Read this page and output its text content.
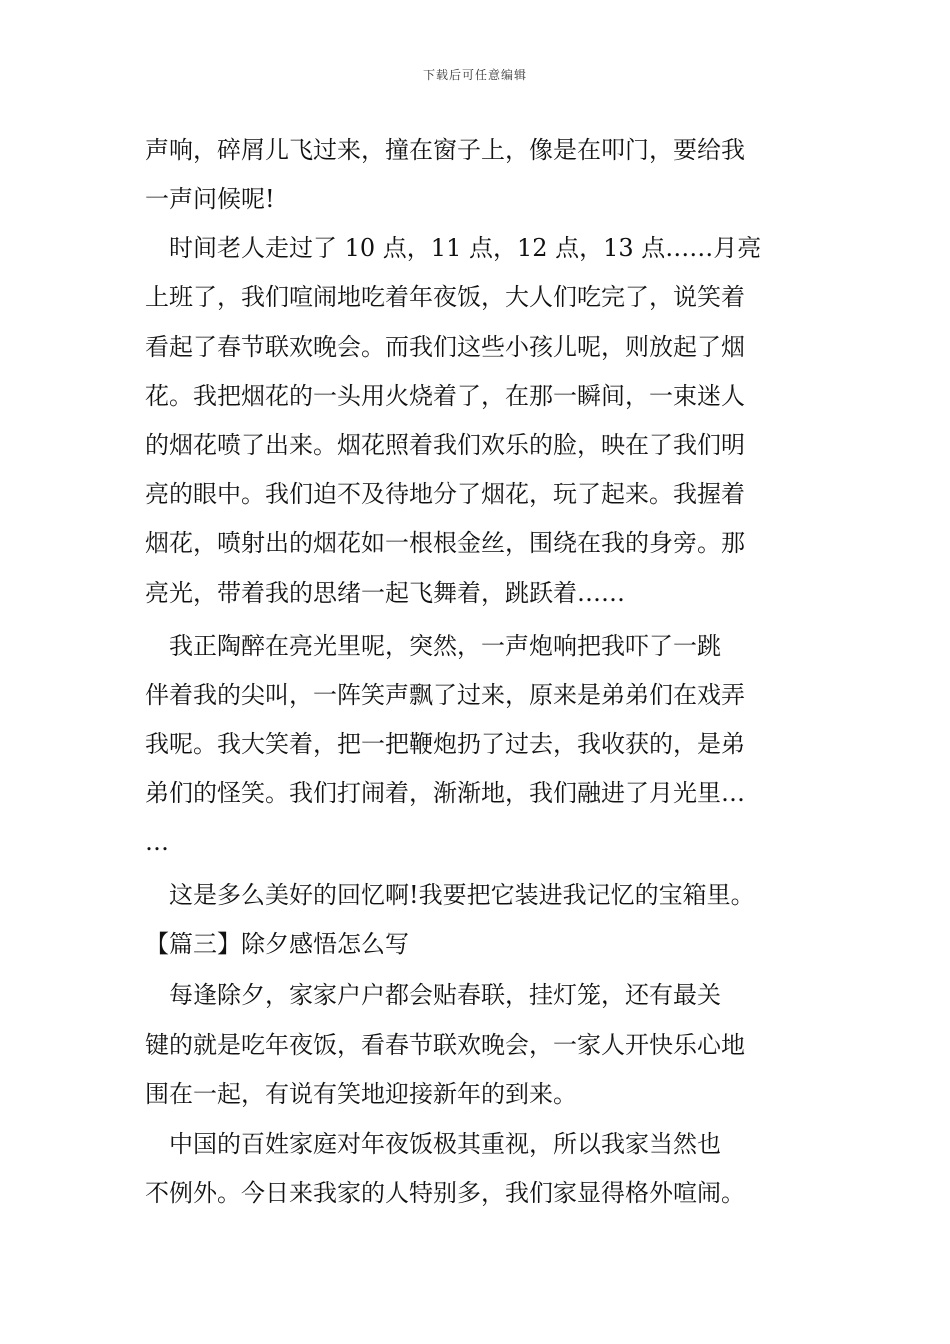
下载后可任意编辑
声响，碎屑儿飞过来，撞在窗子上，像是在叩门，要给我
一声问候呢!
　时间老人走过了 10 点，11 点，12 点，13 点……月亮
上班了，我们喧闹地吃着年夜饭，大人们吃完了，说笑着
看起了春节联欢晚会。而我们这些小孩儿呢，则放起了烟
花。我把烟花的一头用火烧着了，在那一瞬间，一束迷人
的烟花喷了出来。烟花照着我们欢乐的脸，映在了我们明
亮的眼中。我们迫不及待地分了烟花，玩了起来。我握着
烟花，喷射出的烟花如一根根金丝，围绕在我的身旁。那
亮光，带着我的思绪一起飞舞着，跳跃着……
　我正陶醉在亮光里呢，突然，一声炮响把我吓了一跳
伴着我的尖叫，一阵笑声飘了过来，原来是弟弟们在戏弄
我呢。我大笑着，把一把鞭炮扔了过去，我收获的，是弟
弟们的怪笑。我们打闹着，渐渐地，我们融进了月光里…
…
　这是多么美好的回忆啊!我要把它装进我记忆的宝箱里。
【篇三】除夕感悟怎么写
　每逢除夕，家家户户都会贴春联，挂灯笼，还有最关
键的就是吃年夜饭，看春节联欢晚会，一家人开快乐心地
围在一起，有说有笑地迎接新年的到来。
　中国的百姓家庭对年夜饭极其重视，所以我家当然也
不例外。今日来我家的人特别多，我们家显得格外喧闹。
